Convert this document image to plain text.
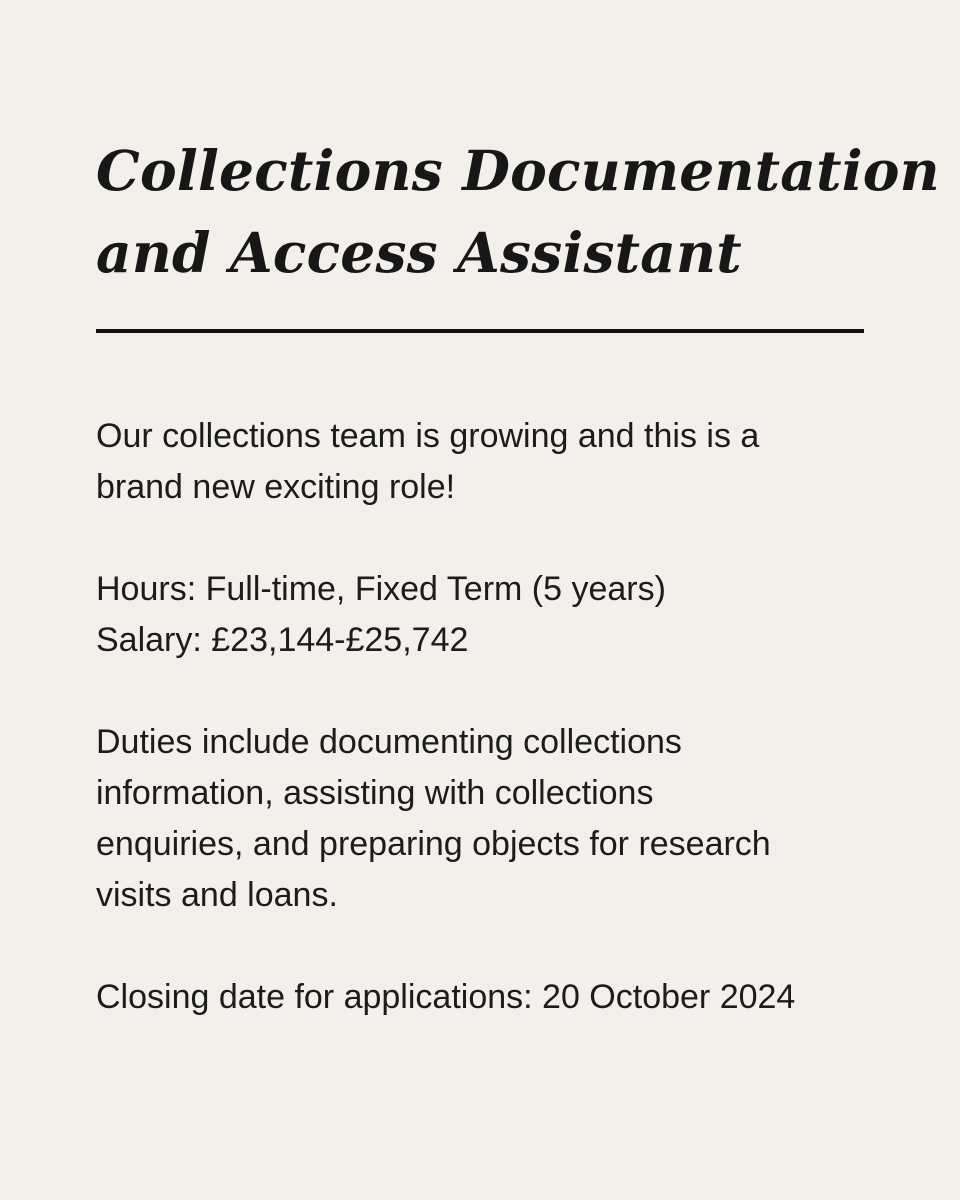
Collections Documentation
and Access Assistant

Our collections team is growing and this is a
brand new exciting role!

Hours: Full-time, Fixed Term (5 years)
Salary: £23,144-£25,742

Duties include documenting collections
information, assisting with collections
enquiries, and preparing objects for research
visits and loans.

Closing date for applications: 20 October 2024
